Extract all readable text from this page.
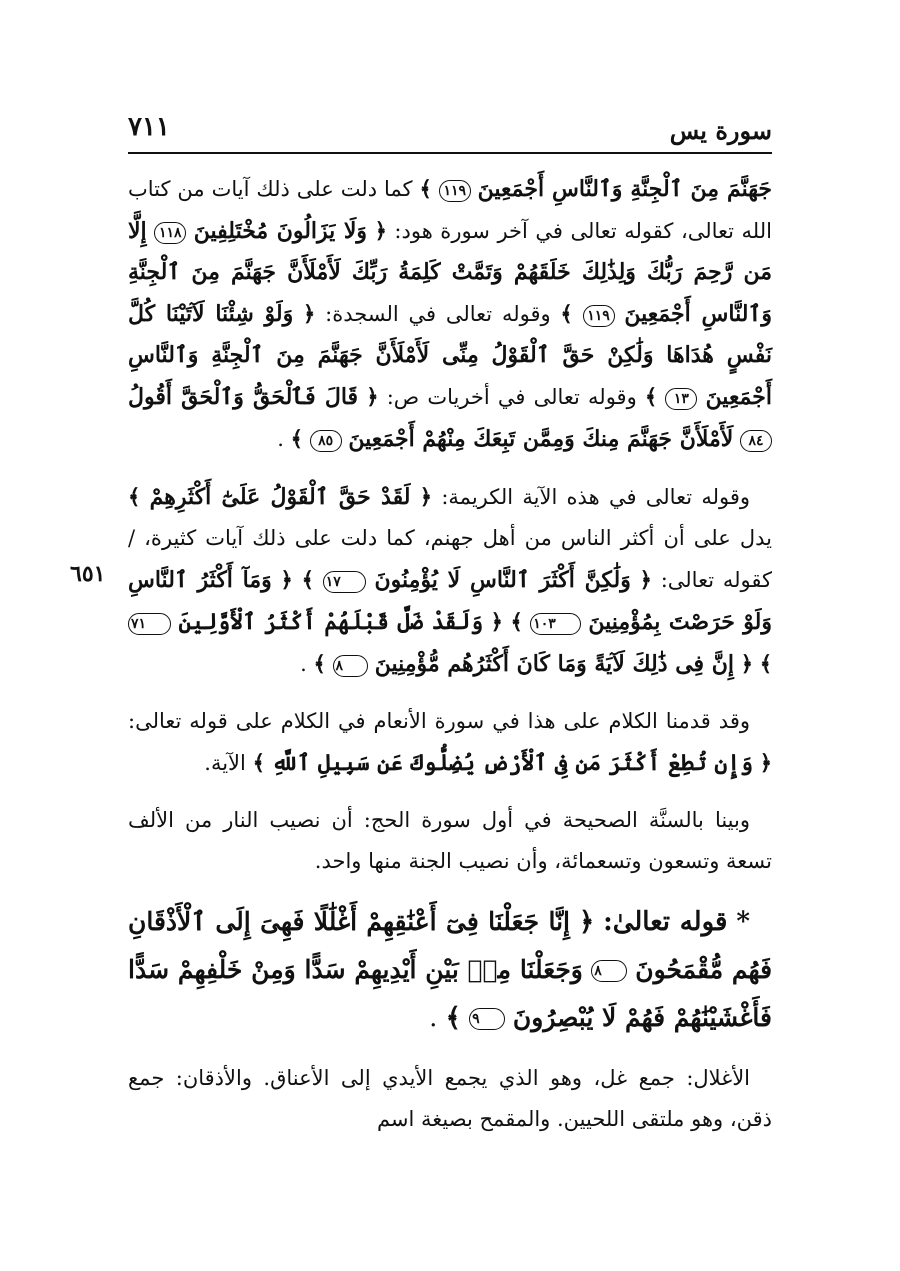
سورة يس
٧١١
٦٥١

جَهَنَّمَ مِنَ ٱلْجِنَّةِ وَٱلنَّاسِ أَجْمَعِينَ ١١٩ ﴾ كما دلت على ذلك آيات من كتاب الله تعالى، كقوله تعالى في آخر سورة هود: ﴿ وَلَا يَزَالُونَ مُخْتَلِفِينَ ١١٨ إِلَّا مَن رَّحِمَ رَبُّكَ وَلِذَٰلِكَ خَلَقَهُمْ وَتَمَّتْ كَلِمَةُ رَبِّكَ لَأَمْلَأَنَّ جَهَنَّمَ مِنَ ٱلْجِنَّةِ وَٱلنَّاسِ أَجْمَعِينَ ١١٩ ﴾ وقوله تعالى في السجدة: ﴿ وَلَوْ شِئْنَا لَآتَيْنَا كُلَّ نَفْسٍ هُدَاهَا وَلَٰكِنْ حَقَّ ٱلْقَوْلُ مِنِّى لَأَمْلَأَنَّ جَهَنَّمَ مِنَ ٱلْجِنَّةِ وَٱلنَّاسِ أَجْمَعِينَ ١٣ ﴾ وقوله تعالى في أخريات ص: ﴿ قَالَ فَٱلْحَقُّ وَٱلْحَقَّ أَقُولُ ٨٤ لَأَمْلَأَنَّ جَهَنَّمَ مِنكَ وَمِمَّن تَبِعَكَ مِنْهُمْ أَجْمَعِينَ ٨٥ ﴾ .

وقوله تعالى في هذه الآية الكريمة: ﴿ لَقَدْ حَقَّ ٱلْقَوْلُ عَلَىٰٓ أَكْثَرِهِمْ ﴾ يدل على أن أكثر الناس من أهل جهنم، كما دلت على ذلك آيات كثيرة، / كقوله تعالى: ﴿ وَلَٰكِنَّ أَكْثَرَ ٱلنَّاسِ لَا يُؤْمِنُونَ ١٧ ﴾ ﴿ وَمَآ أَكْثَرُ ٱلنَّاسِ وَلَوْ حَرَصْتَ بِمُؤْمِنِينَ ١٠٣ ﴾ ﴿ وَلَقَدْ ضَلَّ قَبْلَهُمْ أَكْثَرُ ٱلْأَوَّلِينَ ٧١ ﴾ ﴿ إِنَّ فِى ذَٰلِكَ لَآيَةً وَمَا كَانَ أَكْثَرُهُم مُّؤْمِنِينَ ٨ ﴾ .

وقد قدمنا الكلام على هذا في سورة الأنعام في الكلام على قوله تعالى: ﴿ وَإِن تُطِعْ أَكْثَرَ مَن فِى ٱلْأَرْضِ يُضِلُّوكَ عَن سَبِيلِ ٱللَّهِ ﴾ الآية.

وبينا بالسنَّة الصحيحة في أول سورة الحج: أن نصيب النار من الألف تسعة وتسعون وتسعمائة، وأن نصيب الجنة منها واحد.

* قوله تعالىٰ: ﴿ إِنَّا جَعَلْنَا فِىٓ أَعْنَٰقِهِمْ أَغْلَٰلًا فَهِىَ إِلَى ٱلْأَذْقَانِ فَهُم مُّقْمَحُونَ ٨ وَجَعَلْنَا مِنۢ بَيْنِ أَيْدِيهِمْ سَدًّا وَمِنْ خَلْفِهِمْ سَدًّا فَأَغْشَيْنَٰهُمْ فَهُمْ لَا يُبْصِرُونَ ٩ ﴾ .

الأغلال: جمع غل، وهو الذي يجمع الأيدي إلى الأعناق. والأذقان: جمع ذقن، وهو ملتقى اللحيين. والمقمح بصيغة اسم
